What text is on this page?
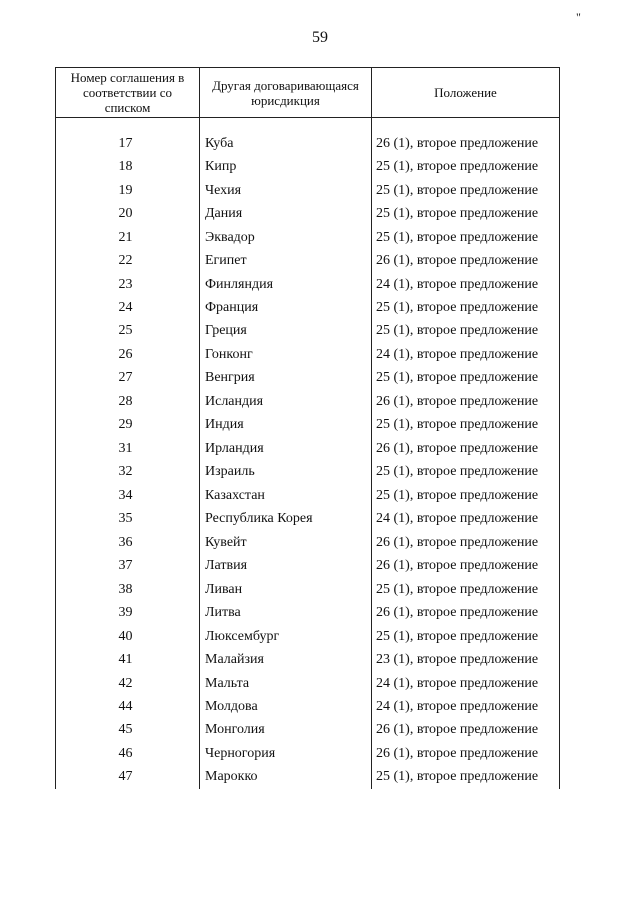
"
59
Номер соглашения в соответствии со списком	Другая договаривающаяся юрисдикция	Положение

17	Куба	26 (1), второе предложение
18	Кипр	25 (1), второе предложение
19	Чехия	25 (1), второе предложение
20	Дания	25 (1), второе предложение
21	Эквадор	25 (1), второе предложение
22	Египет	26 (1), второе предложение
23	Финляндия	24 (1), второе предложение
24	Франция	25 (1), второе предложение
25	Греция	25 (1), второе предложение
26	Гонконг	24 (1), второе предложение
27	Венгрия	25 (1), второе предложение
28	Исландия	26 (1), второе предложение
29	Индия	25 (1), второе предложение
31	Ирландия	26 (1), второе предложение
32	Израиль	25 (1), второе предложение
34	Казахстан	25 (1), второе предложение
35	Республика Корея	24 (1), второе предложение
36	Кувейт	26 (1), второе предложение
37	Латвия	26 (1), второе предложение
38	Ливан	25 (1), второе предложение
39	Литва	26 (1), второе предложение
40	Люксембург	25 (1), второе предложение
41	Малайзия	23 (1), второе предложение
42	Мальта	24 (1), второе предложение
44	Молдова	24 (1), второе предложение
45	Монголия	26 (1), второе предложение
46	Черногория	26 (1), второе предложение
47	Марокко	25 (1), второе предложение
